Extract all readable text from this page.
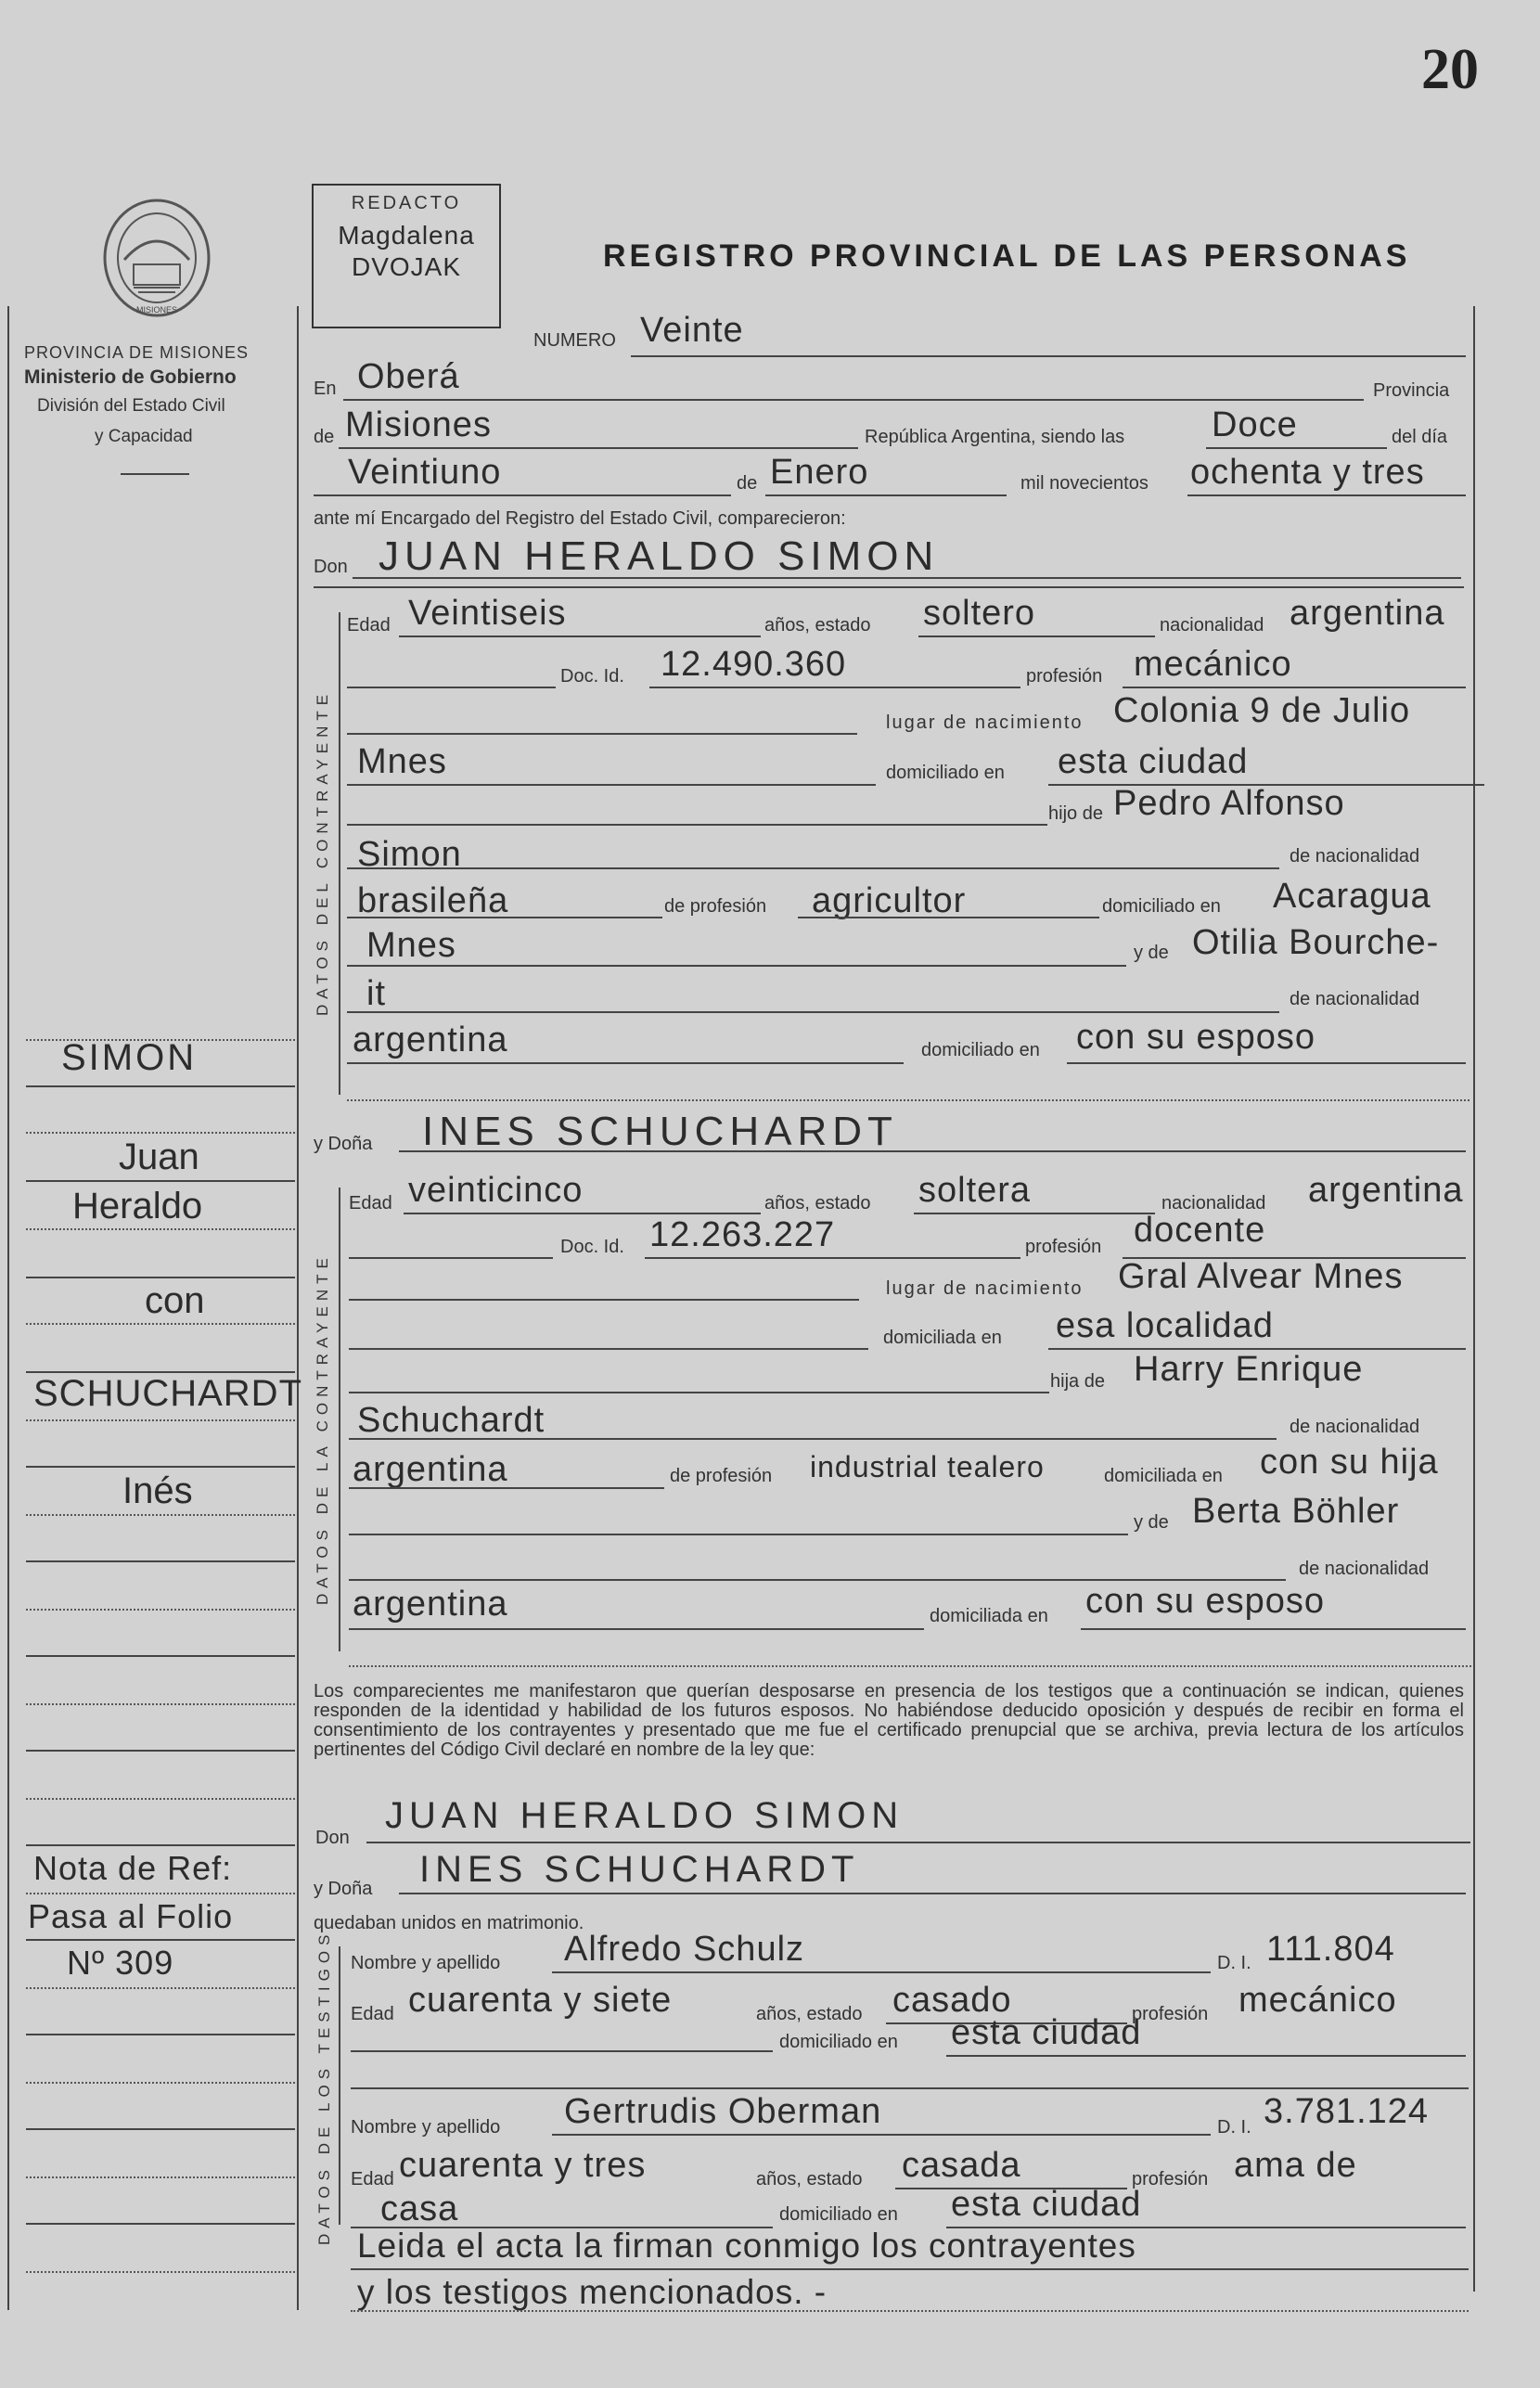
20
MISIONES
PROVINCIA DE MISIONES
Ministerio de Gobierno
División del Estado Civil
y Capacidad
SIMON
Juan
Heraldo
con
SCHUCHARDT
Inés
Nota de Ref:
Pasa al Folio
Nº 309
REDACTO
Magdalena DVOJAK	REGISTRO PROVINCIAL DE LAS PERSONAS
NUMERO Veinte
En Oberá	Provincia
de Misiones	República Argentina, siendo las Doce	del día
Veintiuno	de Enero	mil novecientos ochenta y tres
ante mí Encargado del Registro del Estado Civil, comparecieron:
Don JUAN HERALDO SIMON
DATOS DEL CONTRAYENTE
Edad Veintiseis	años, estado soltero	nacionalidad argentina
Doc. Id. 12.490.360	profesión mecánico
lugar de nacimiento Colonia 9 de Julio
Mnes	domiciliado en esta ciudad
hijo de Pedro Alfonso
Simon	de nacionalidad
brasileña	de profesión agricultor	domiciliado en Acaragua
Mnes	y de Otilia Bourche-
it	de nacionalidad
argentina	domiciliado en con su esposo
y Doña INES SCHUCHARDT
DATOS DE LA CONTRAYENTE
Edad veinticinco	años, estado soltera	nacionalidad argentina
Doc. Id. 12.263.227	profesión docente
lugar de nacimiento Gral Alvear Mnes
domiciliada en esa localidad
hija de Harry Enrique
Schuchardt	de nacionalidad
argentina	de profesión industrial tealero	domiciliada en con su hija
y de Berta Böhler
de nacionalidad
argentina	domiciliada en con su esposo
Los comparecientes me manifestaron que querían desposarse en presencia de los testigos que a continuación se indican, quienes responden de la identidad y habilidad de los futuros esposos. No habiéndose deducido oposición y después de recibir en forma el consentimiento de los contrayentes y presentado que me fue el certificado prenupcial que se archiva, previa lectura de los artículos pertinentes del Código Civil declaré en nombre de la ley que:
Don
JUAN HERALDO SIMON
y Doña INES SCHUCHARDT
quedaban unidos en matrimonio.
DATOS DE LOS TESTIGOS Nombre y apellido Alfredo Schulz	D. I. 111.804
Edad cuarenta y siete	años, estado casado	profesión mecánico
domiciliado en esta ciudad
Nombre y apellido Gertrudis Oberman	D. I. 3.781.124
Edad cuarenta y tres	años, estado casada	profesión ama de
casa	domiciliado en esta ciudad
Leida el acta la firman conmigo los contrayentes
y los testigos mencionados. -
